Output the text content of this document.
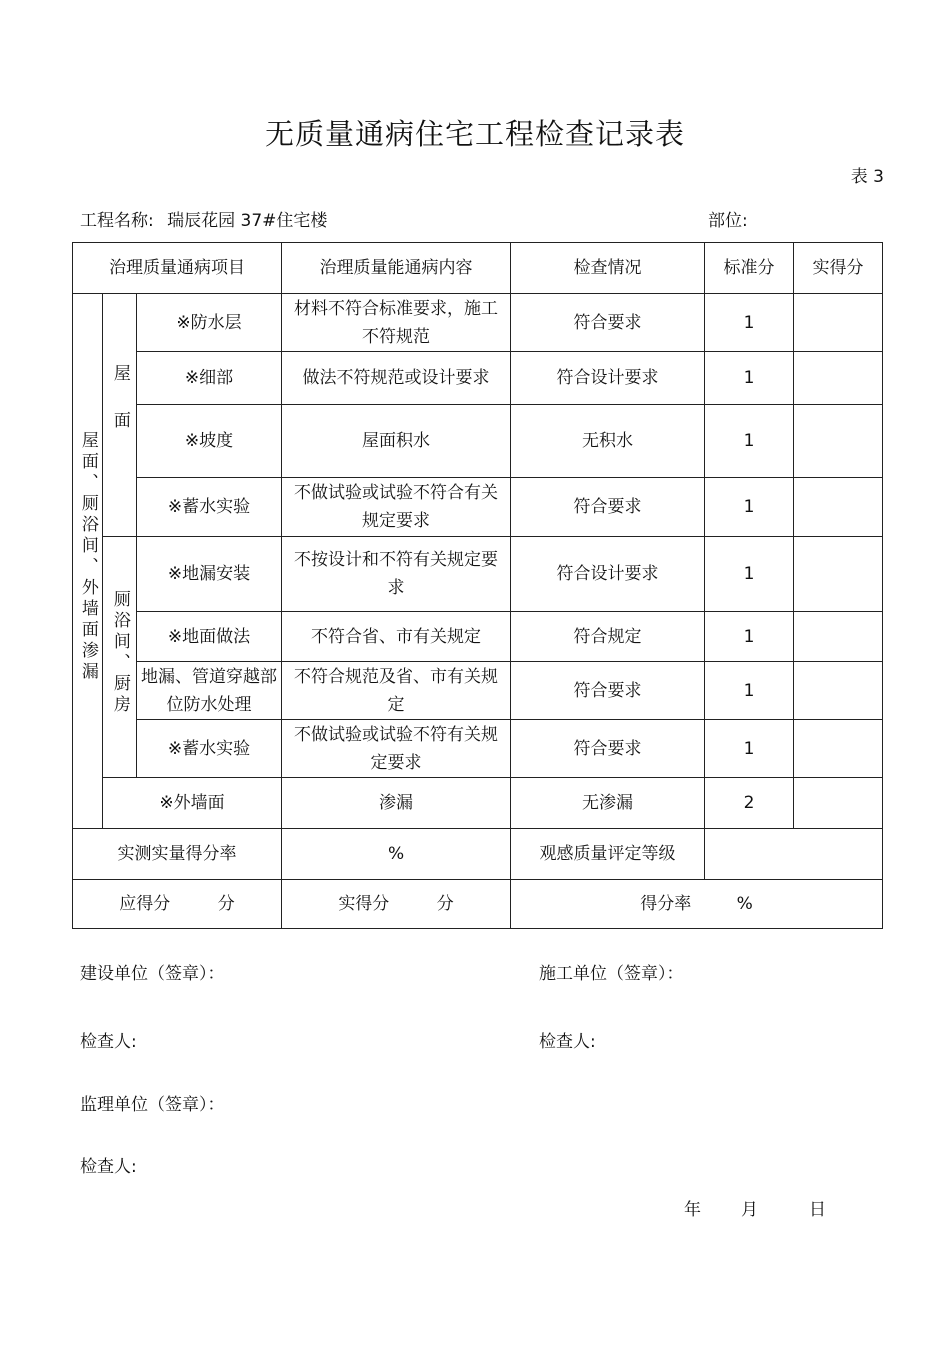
无质量通病住宅工程检查记录表
表 3
工程名称: 瑞辰花园 37#住宅楼	部位:
治理质量通病项目			治理质量能通病内容	检查情况	标准分	实得分
屋面、厕浴间、外墙面渗漏	屋面	※防水层	材料不符合标准要求，施工不符规范	符合要求	1	
		※细部	做法不符规范或设计要求	符合设计要求	1	
		※坡度	屋面积水	无积水	1	
		※蓄水实验	不做试验或试验不符合有关规定要求	符合要求	1	
	厕浴间、厨房	※地漏安装	不按设计和不符有关规定要求	符合设计要求	1	
		※地面做法	不符合省、市有关规定	符合规定	1	
		地漏、管道穿越部位防水处理	不符合规范及省、市有关规定	符合要求	1	
		※蓄水实验	不做试验或试验不符有关规定要求	符合要求	1	
	※外墙面		渗漏	无渗漏	2	
实测实量得分率			%	观感质量评定等级		
应得分 分			实得分 分	得分率 %		
建设单位（签章）：	施工单位（签章）：
检查人:	检查人:
监理单位（签章）：
检查人:
年 月	日
